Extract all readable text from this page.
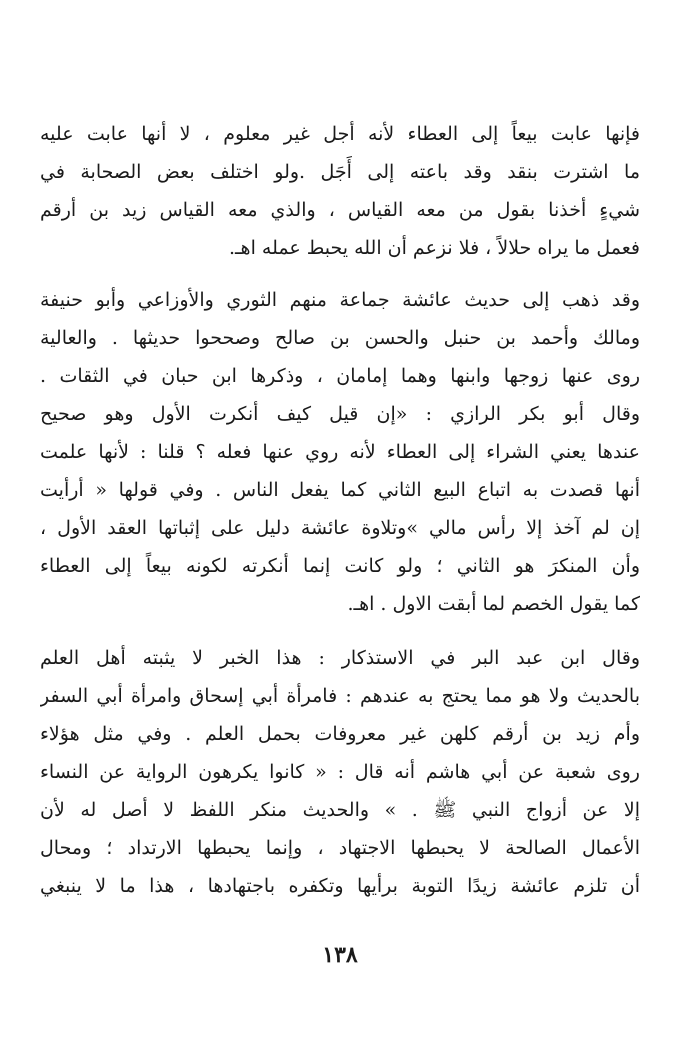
فإنها عابت بيعاً إلى العطاء لأنه أجل غير معلوم ، لا أنها عابت عليه
ما اشترت بنقد وقد باعته إلى أَجَل .ولو اختلف بعض الصحابة في
شيءٍ أخذنا بقول من معه القياس ، والذي معه القياس زيد بن أرقم
فعمل ما يراه حلالاً ، فلا نزعم أن الله يحبط عمله اهـ.
وقد ذهب إلى حديث عائشة جماعة منهم الثوري والأوزاعي وأبو حنيفة
ومالك وأحمد بن حنبل والحسن بن صالح وصححوا حديثها . والعالية
روى عنها زوجها وابنها وهما إمامان ، وذكرها ابن حبان في الثقات .
وقال أبو بكر الرازي : «إن قيل كيف أنكرت الأول وهو صحيح
عندها يعني الشراء إلى العطاء لأنه روي عنها فعله ؟ قلنا : لأنها علمت
أنها قصدت به اتباع البيع الثاني كما يفعل الناس . وفي قولها « أرأيت
إن لم آخذ إلا رأس مالي »وتلاوة عائشة دليل على إثباتها العقد الأول ،
وأن المنكرَ هو الثاني ؛ ولو كانت إنما أنكرته لكونه بيعاً إلى العطاء
كما يقول الخصم لما أبقت الاول . اهـ.
وقال ابن عبد البر في الاستذكار : هذا الخبر لا يثبته أهل العلم
بالحديث ولا هو مما يحتج به عندهم : فامرأة أبي إسحاق وامرأة أبي السفر
وأم زيد بن أرقم كلهن غير معروفات بحمل العلم . وفي مثل هؤلاء
روى شعبة عن أبي هاشم أنه قال : « كانوا يكرهون الرواية عن النساء
إلا عن أزواج النبي ﷺ . » والحديث منكر اللفظ لا أصل له لأن
الأعمال الصالحة لا يحبطها الاجتهاد ، وإنما يحبطها الارتداد ؛ ومحال
أن تلزم عائشة زيدًا التوبة برأيها وتكفره باجتهادها ، هذا ما لا ينبغي
١٣٨
